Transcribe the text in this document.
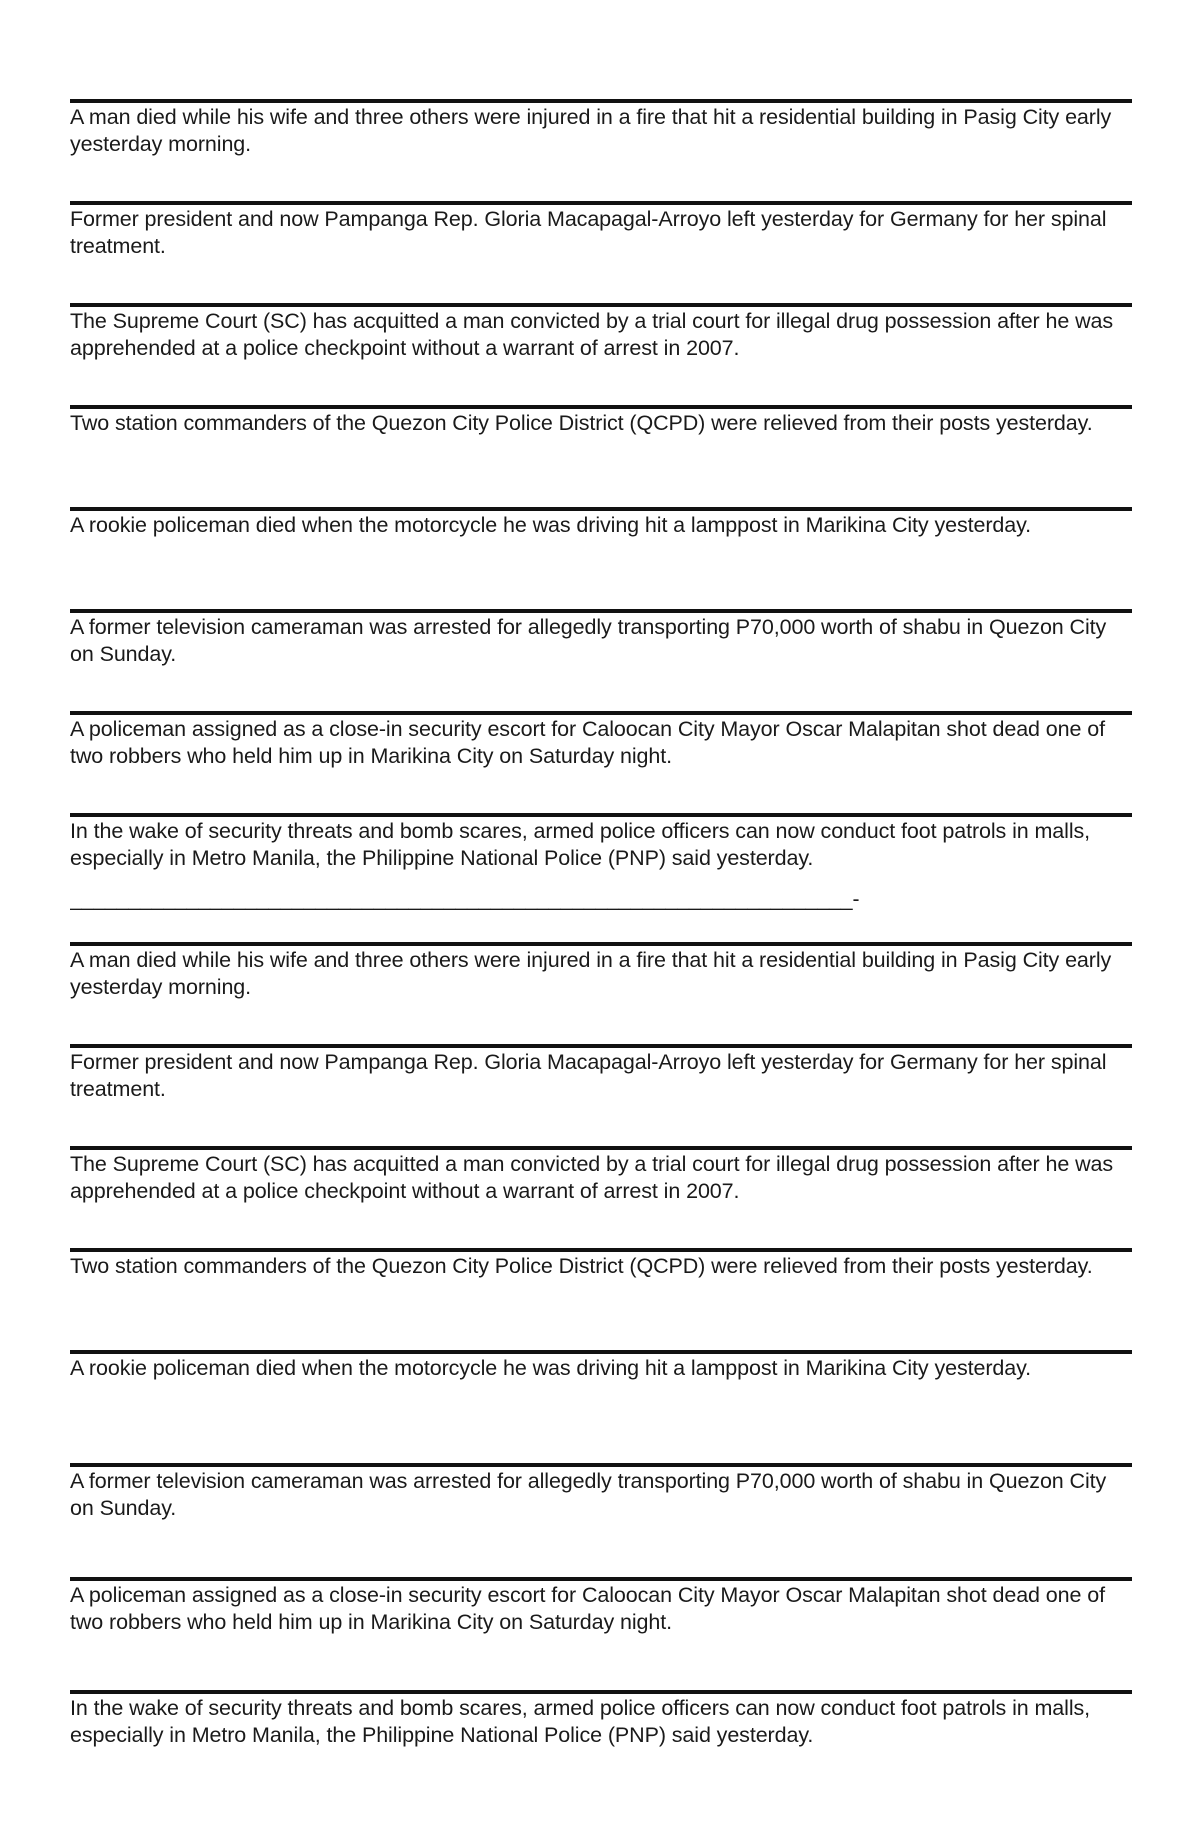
A man died while his wife and three others were injured in a fire that hit a residential building in Pasig City early yesterday morning.

Former president and now Pampanga Rep. Gloria Macapagal-Arroyo left yesterday for Germany for her spinal treatment.

The Supreme Court (SC) has acquitted a man convicted by a trial court for illegal drug possession after he was apprehended at a police checkpoint without a warrant of arrest in 2007.

Two station commanders of the Quezon City Police District (QCPD) were relieved from their posts yesterday.

A rookie policeman died when the motorcycle he was driving hit a lamppost in Marikina City yesterday.

A former television cameraman was arrested for allegedly transporting P70,000 worth of shabu in Quezon City on Sunday.

A policeman assigned as a close-in security escort for Caloocan City Mayor Oscar Malapitan shot dead one of two robbers who held him up in Marikina City on Saturday night.

In the wake of security threats and bomb scares, armed police officers can now conduct foot patrols in malls, especially in Metro Manila, the Philippine National Police (PNP) said yesterday.

___________________________________________________________________-

A man died while his wife and three others were injured in a fire that hit a residential building in Pasig City early yesterday morning.

Former president and now Pampanga Rep. Gloria Macapagal-Arroyo left yesterday for Germany for her spinal treatment.

The Supreme Court (SC) has acquitted a man convicted by a trial court for illegal drug possession after he was apprehended at a police checkpoint without a warrant of arrest in 2007.

Two station commanders of the Quezon City Police District (QCPD) were relieved from their posts yesterday.

A rookie policeman died when the motorcycle he was driving hit a lamppost in Marikina City yesterday.

A former television cameraman was arrested for allegedly transporting P70,000 worth of shabu in Quezon City on Sunday.

A policeman assigned as a close-in security escort for Caloocan City Mayor Oscar Malapitan shot dead one of two robbers who held him up in Marikina City on Saturday night.

In the wake of security threats and bomb scares, armed police officers can now conduct foot patrols in malls, especially in Metro Manila, the Philippine National Police (PNP) said yesterday.
